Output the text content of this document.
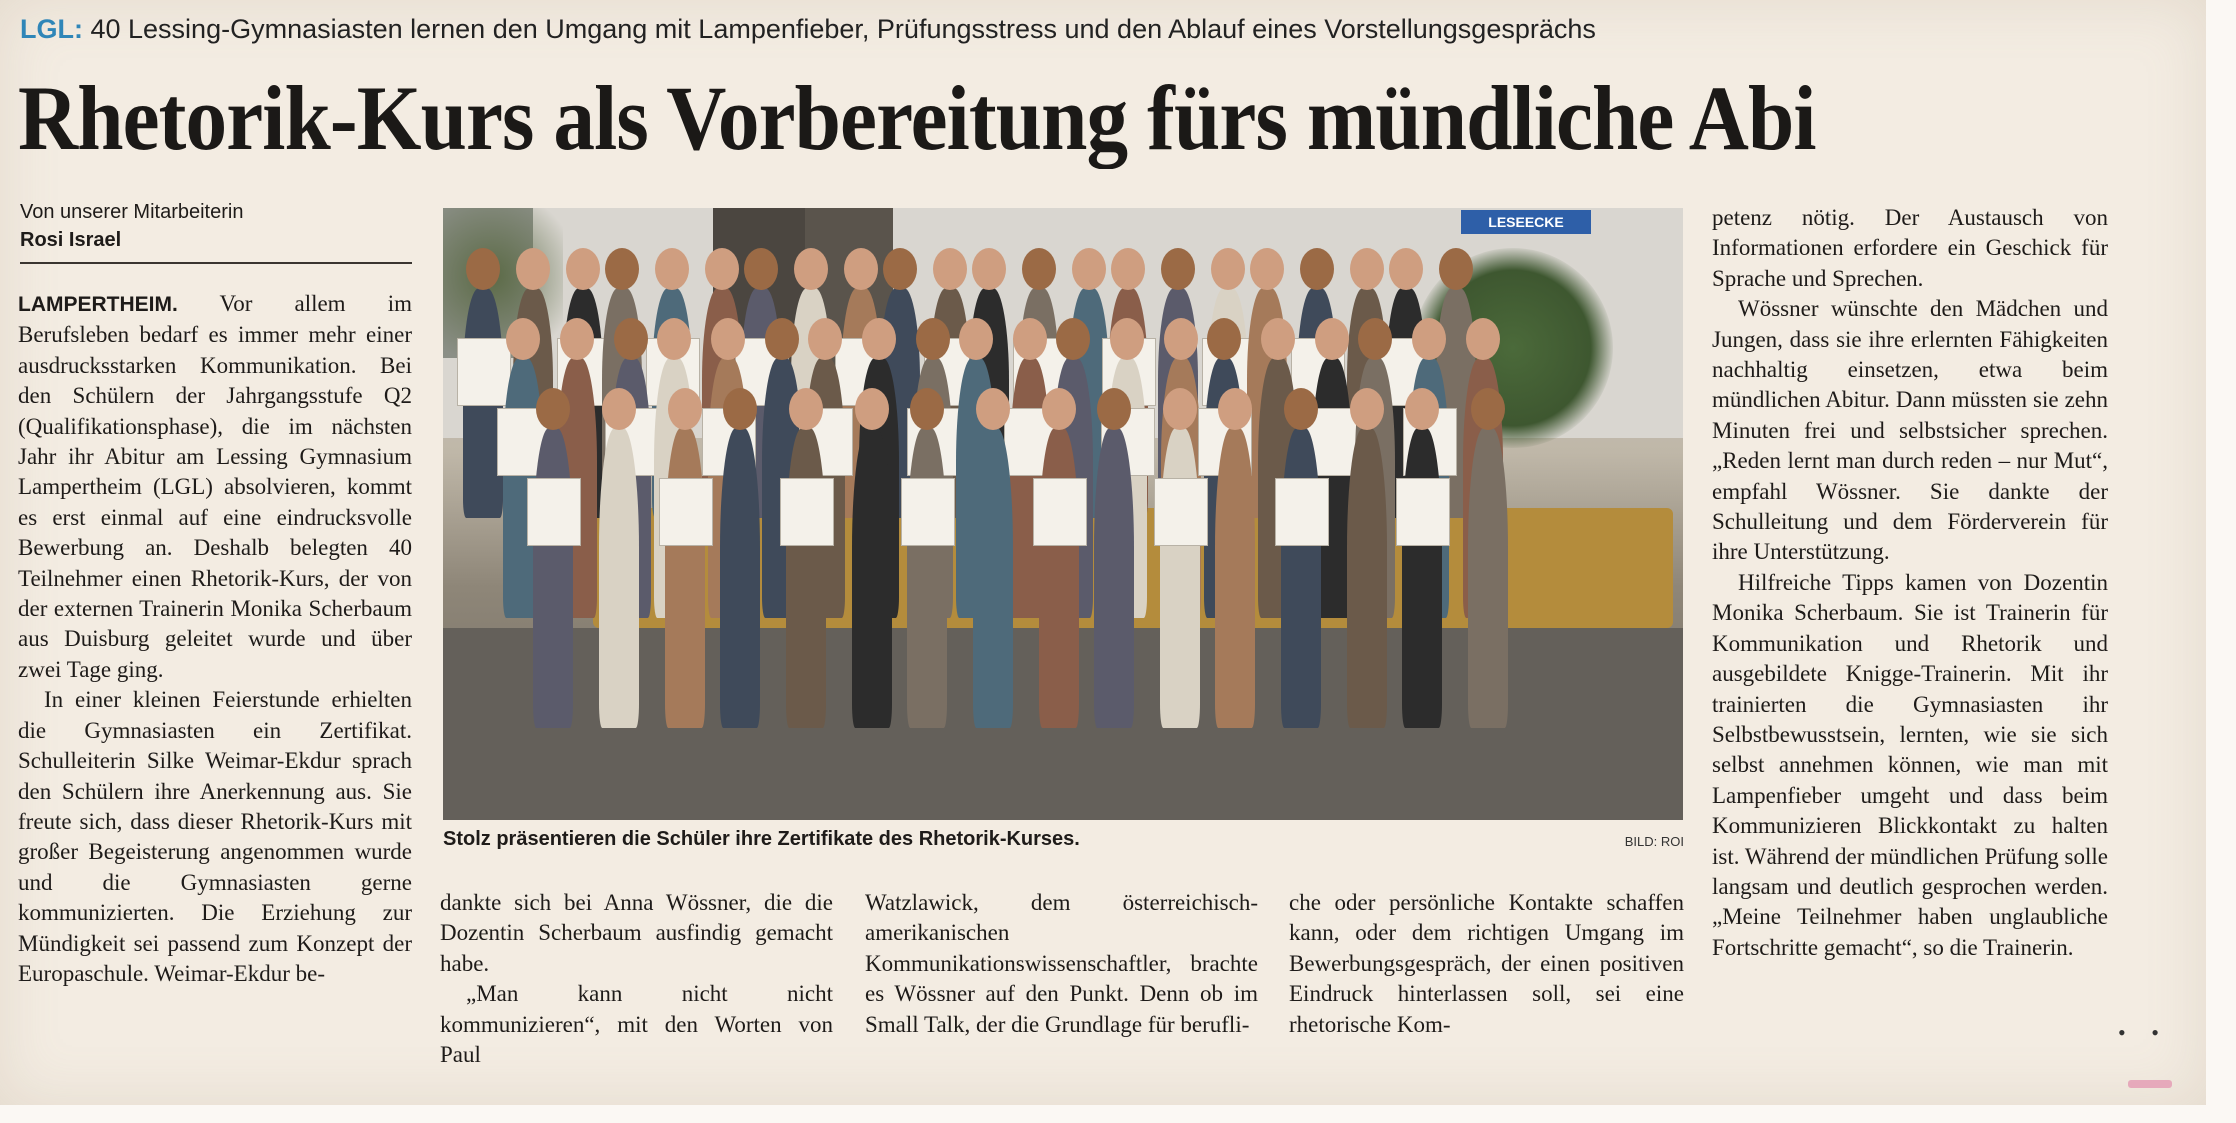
LGL: 40 Lessing-Gymnasiasten lernen den Umgang mit Lampenfieber, Prüfungsstress und den Ablauf eines Vorstellungsgesprächs
Rhetorik-Kurs als Vorbereitung fürs mündliche Abi
Von unserer Mitarbeiterin
Rosi Israel

LAMPERTHEIM. Vor allem im Berufsleben bedarf es immer mehr einer ausdrucksstarken Kommunikation. Bei den Schülern der Jahrgangsstufe Q2 (Qualifikationsphase), die im nächsten Jahr ihr Abitur am Lessing Gymnasium Lampertheim (LGL) absolvieren, kommt es erst einmal auf eine eindrucksvolle Bewerbung an. Deshalb belegten 40 Teilnehmer einen Rhetorik-Kurs, der von der externen Trainerin Monika Scherbaum aus Duisburg geleitet wurde und über zwei Tage ging.

In einer kleinen Feierstunde erhielten die Gymnasiasten ein Zertifikat. Schulleiterin Silke Weimar-Ekdur sprach den Schülern ihre Anerkennung aus. Sie freute sich, dass dieser Rhetorik-Kurs mit großer Begeisterung angenommen wurde und die Gymnasiasten gerne kommunizierten. Die Erziehung zur Mündigkeit sei passend zum Konzept der Europaschule. Weimar-Ekdur be-

LESEECKE
Stolz präsentieren die Schüler ihre Zertifikate des Rhetorik-Kurses.	BILD: ROI

dankte sich bei Anna Wössner, die die Dozentin Scherbaum ausfindig gemacht habe.

„Man kann nicht nicht kommunizieren“, mit den Worten von Paul

Watzlawick, dem österreichisch-amerikanischen Kommunikationswissenschaftler, brachte es Wössner auf den Punkt. Denn ob im Small Talk, der die Grundlage für berufli-

che oder persönliche Kontakte schaffen kann, oder dem richtigen Umgang im Bewerbungsgespräch, der einen positiven Eindruck hinterlassen soll, sei eine rhetorische Kom-

petenz nötig. Der Austausch von Informationen erfordere ein Geschick für Sprache und Sprechen.

Wössner wünschte den Mädchen und Jungen, dass sie ihre erlernten Fähigkeiten nachhaltig einsetzen, etwa beim mündlichen Abitur. Dann müssten sie zehn Minuten frei und selbstsicher sprechen. „Reden lernt man durch reden – nur Mut“, empfahl Wössner. Sie dankte der Schulleitung und dem Förderverein für ihre Unterstützung.

Hilfreiche Tipps kamen von Dozentin Monika Scherbaum. Sie ist Trainerin für Kommunikation und Rhetorik und ausgebildete Knigge-Trainerin. Mit ihr trainierten die Gymnasiasten ihr Selbstbewusstsein, lernten, wie sie sich selbst annehmen können, wie man mit Lampenfieber umgeht und dass beim Kommunizieren Blickkontakt zu halten ist. Während der mündlichen Prüfung solle langsam und deutlich gesprochen werden. „Meine Teilnehmer haben unglaubliche Fortschritte gemacht“, so die Trainerin.

• •
